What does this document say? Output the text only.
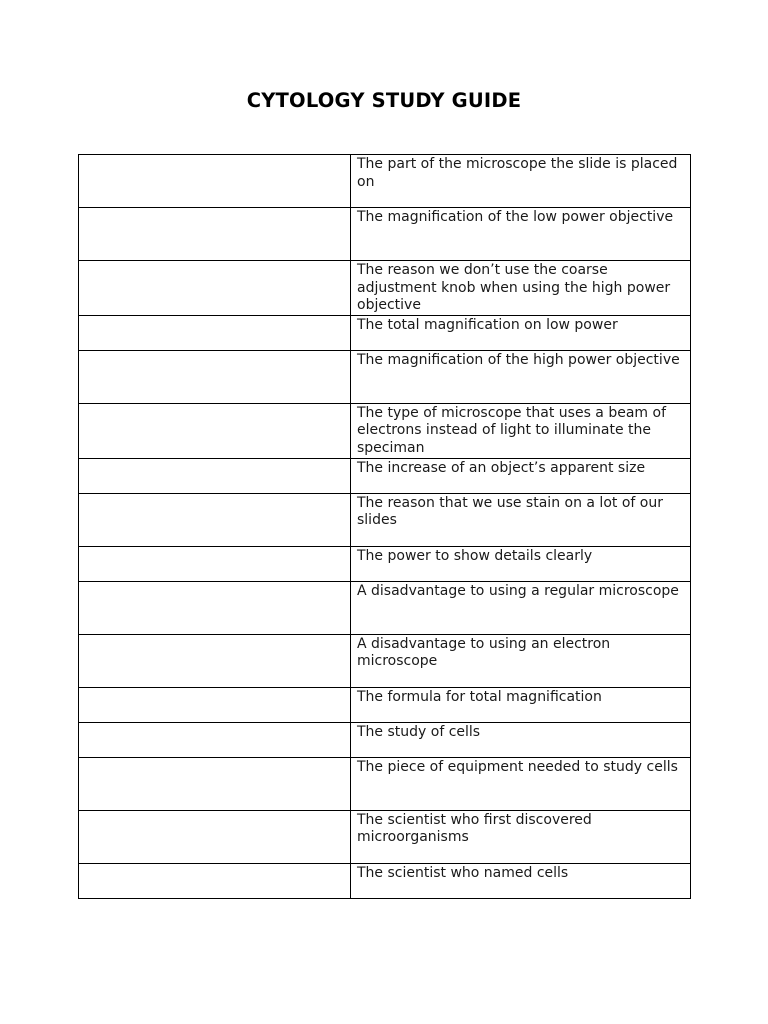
CYTOLOGY STUDY GUIDE
	The part of the microscope the slide is placed on
	The magnification of the low power objective
	The reason we don’t use the coarse adjustment knob when using the high power objective
	The total magnification on low power
	The magnification of the high power objective
	The type of microscope that uses a beam of electrons instead of light to illuminate the speciman
	The increase of an object’s apparent size
	The reason that we use stain on a lot of our slides
	The power to show details clearly
	A disadvantage to using a regular microscope
	A disadvantage to using an electron microscope
	The formula for total magnification
	The study of cells
	The piece of equipment needed to study cells
	The scientist who first discovered microorganisms
	The scientist who named cells
